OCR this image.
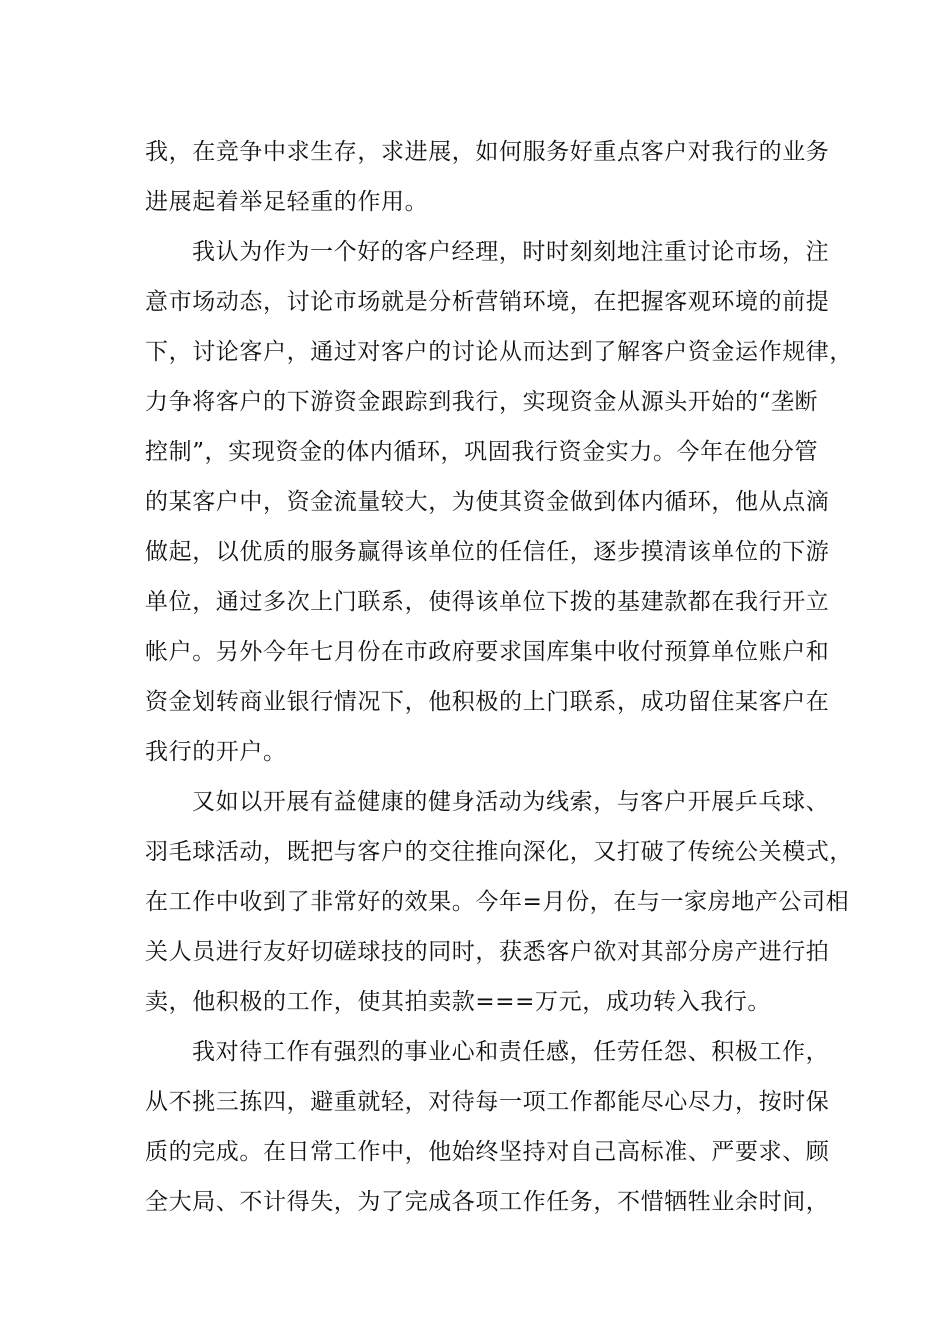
我，在竞争中求生存，求进展，如何服务好重点客户对我行的业务
进展起着举足轻重的作用。
我认为作为一个好的客户经理，时时刻刻地注重讨论市场，注
意市场动态，讨论市场就是分析营销环境，在把握客观环境的前提
下，讨论客户，通过对客户的讨论从而达到了解客户资金运作规律，
力争将客户的下游资金跟踪到我行，实现资金从源头开始的“垄断
控制”，实现资金的体内循环，巩固我行资金实力。今年在他分管
的某客户中，资金流量较大，为使其资金做到体内循环，他从点滴
做起，以优质的服务赢得该单位的任信任，逐步摸清该单位的下游
单位，通过多次上门联系，使得该单位下拨的基建款都在我行开立
帐户。另外今年七月份在市政府要求国库集中收付预算单位账户和
资金划转商业银行情况下，他积极的上门联系，成功留住某客户在
我行的开户。
又如以开展有益健康的健身活动为线索，与客户开展乒乓球、
羽毛球活动，既把与客户的交往推向深化，又打破了传统公关模式，
在工作中收到了非常好的效果。今年=月份，在与一家房地产公司相
关人员进行友好切磋球技的同时，获悉客户欲对其部分房产进行拍
卖，他积极的工作，使其拍卖款===万元，成功转入我行。
我对待工作有强烈的事业心和责任感，任劳任怨、积极工作，
从不挑三拣四，避重就轻，对待每一项工作都能尽心尽力，按时保
质的完成。在日常工作中，他始终坚持对自己高标准、严要求、顾
全大局、不计得失，为了完成各项工作任务，不惜牺牲业余时间，
